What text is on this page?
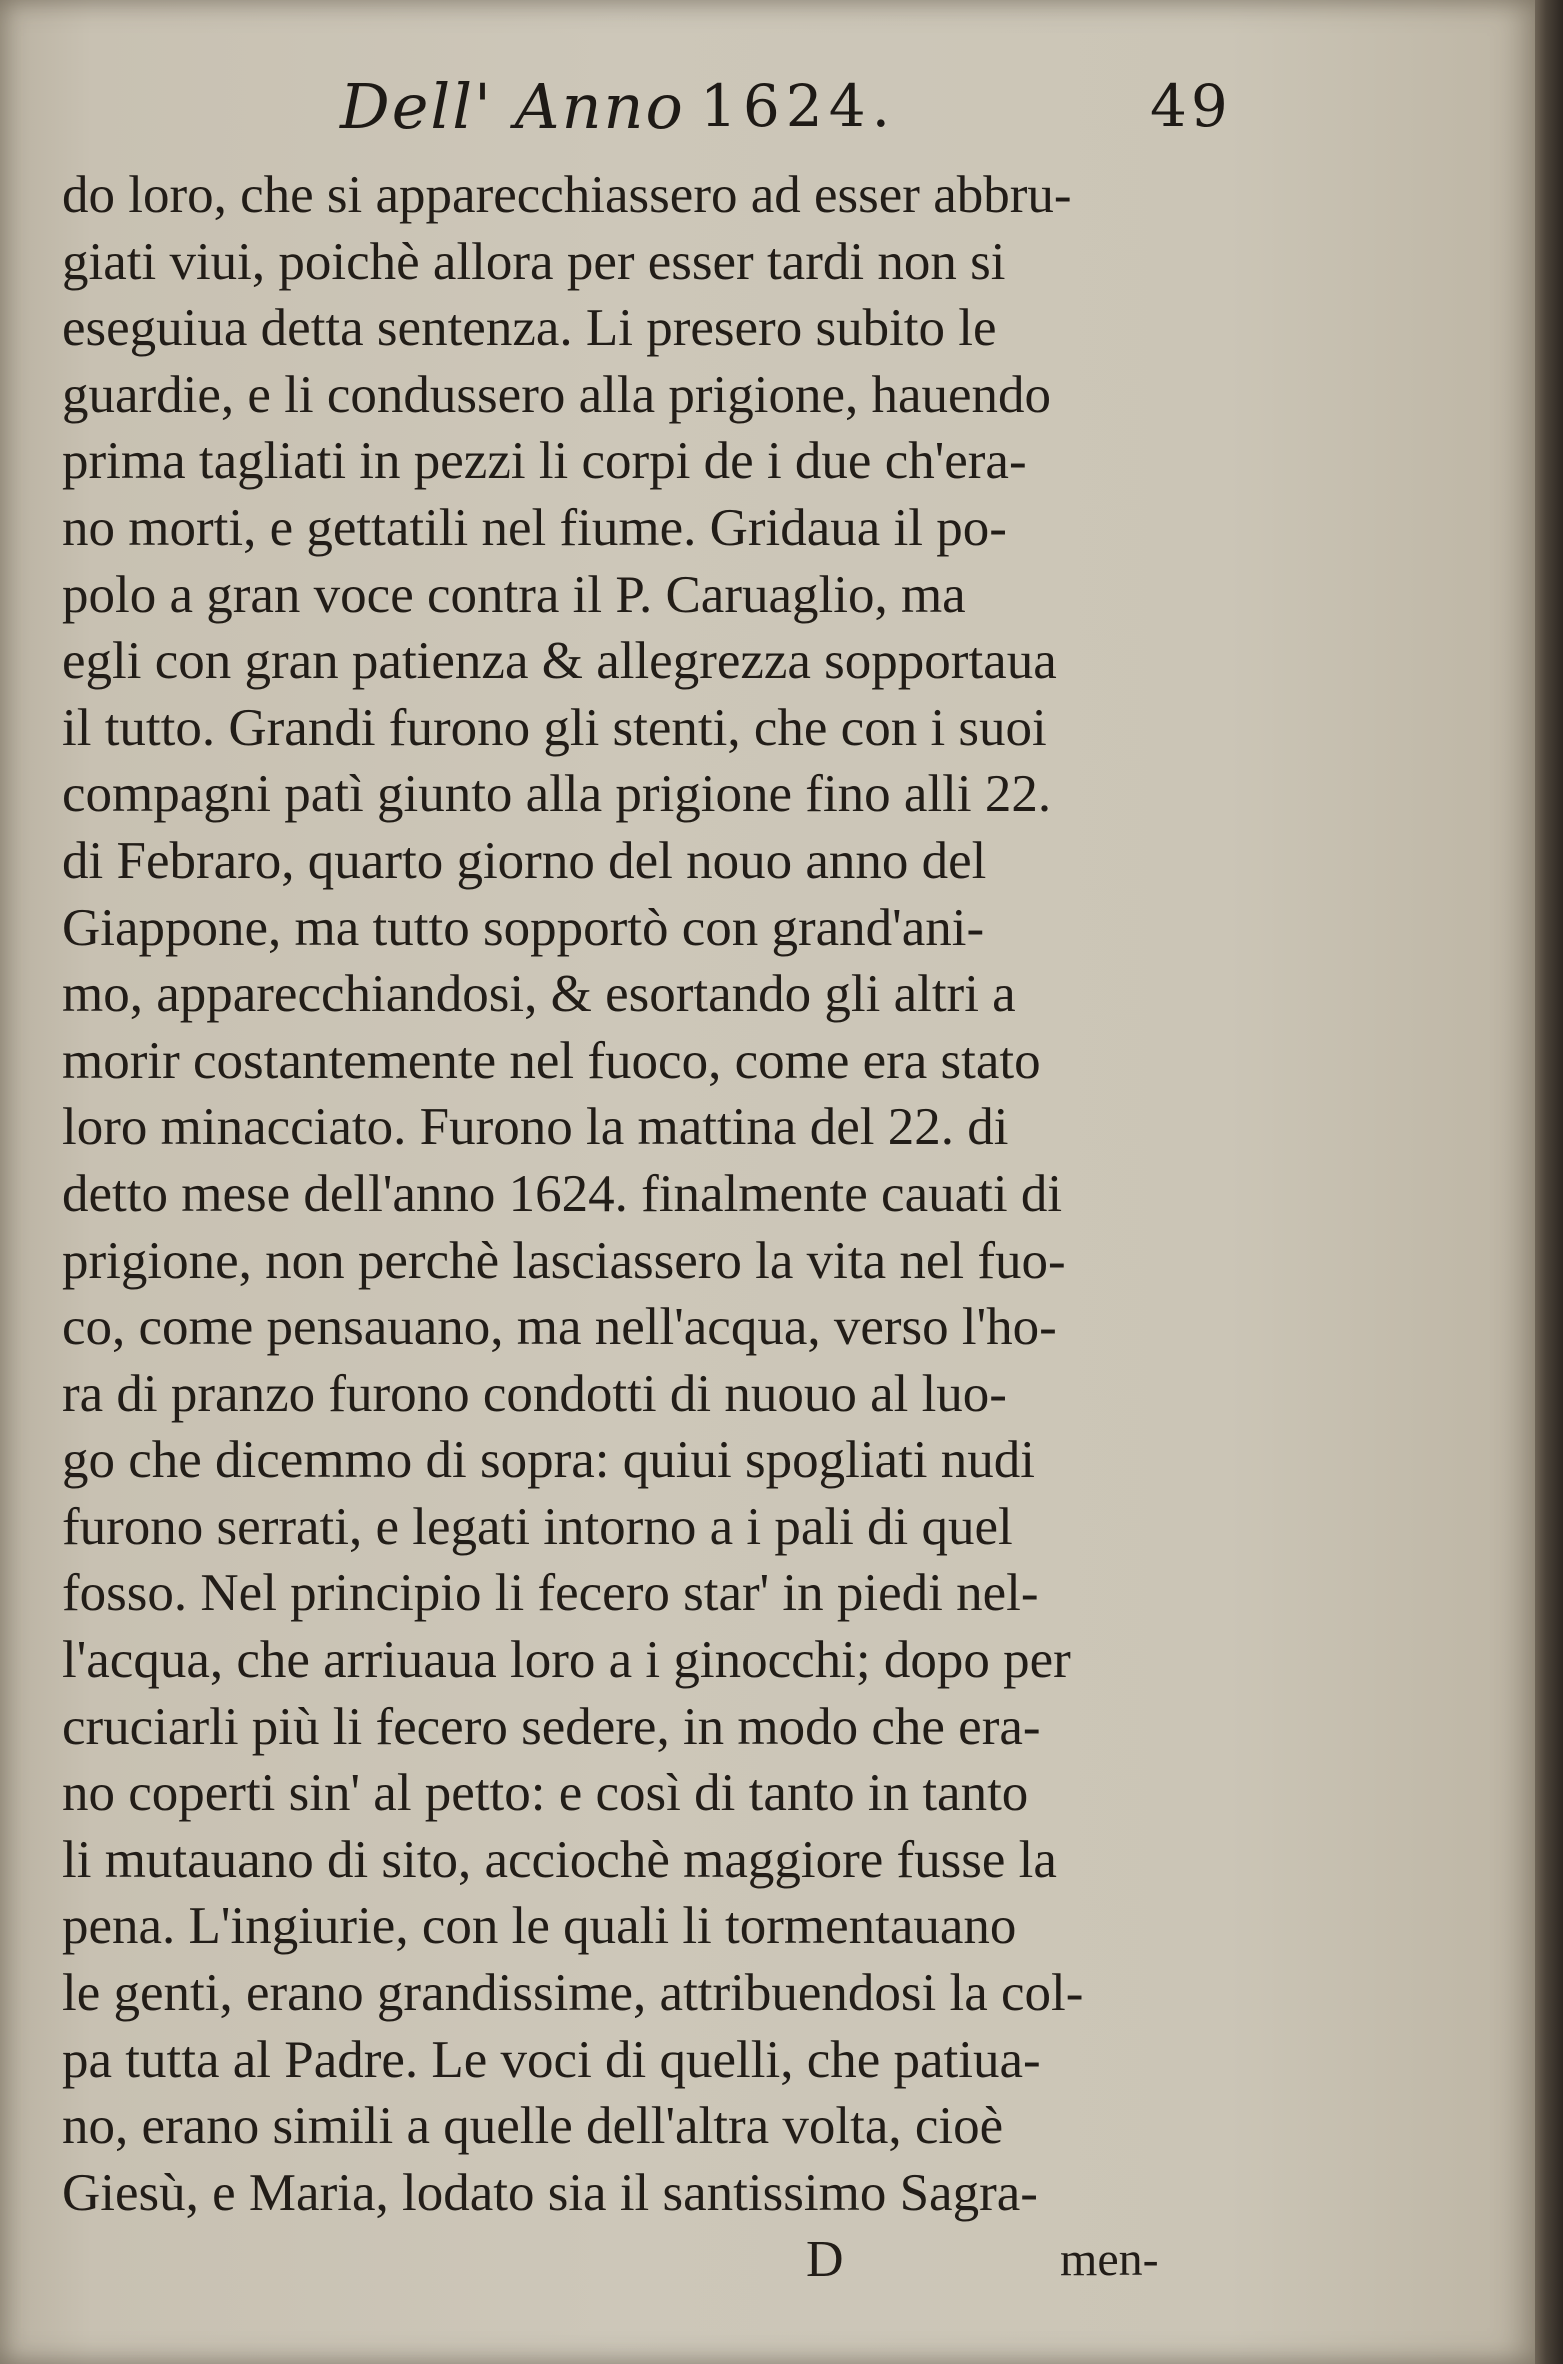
Dell' Anno 1624.	49
do loro, che si apparecchiassero ad esser abbru-
giati viui, poichè allora per esser tardi non si
eseguiua detta sentenza. Li presero subito le
guardie, e li condussero alla prigione, hauendo
prima tagliati in pezzi li corpi de i due ch'era-
no morti, e gettatili nel fiume. Gridaua il po-
polo a gran voce contra il P. Caruaglio, ma
egli con gran patienza & allegrezza sopportaua
il tutto. Grandi furono gli stenti, che con i suoi
compagni patì giunto alla prigione fino alli 22.
di Febraro, quarto giorno del nouo anno del
Giappone, ma tutto sopportò con grand'ani-
mo, apparecchiandosi, & esortando gli altri a
morir costantemente nel fuoco, come era stato
loro minacciato. Furono la mattina del 22. di
detto mese dell'anno 1624. finalmente cauati di
prigione, non perchè lasciassero la vita nel fuo-
co, come pensauano, ma nell'acqua, verso l'ho-
ra di pranzo furono condotti di nuouo al luo-
go che dicemmo di sopra: quiui spogliati nudi
furono serrati, e legati intorno a i pali di quel
fosso. Nel principio li fecero star' in piedi nel-
l'acqua, che arriuaua loro a i ginocchi; dopo per
cruciarli più li fecero sedere, in modo che era-
no coperti sin' al petto: e così di tanto in tanto
li mutauano di sito, acciochè maggiore fusse la
pena. L'ingiurie, con le quali li tormentauano
le genti, erano grandissime, attribuendosi la col-
pa tutta al Padre. Le voci di quelli, che patiua-
no, erano simili a quelle dell'altra volta, cioè
Giesù, e Maria, lodato sia il santissimo Sagra-
D	men-
